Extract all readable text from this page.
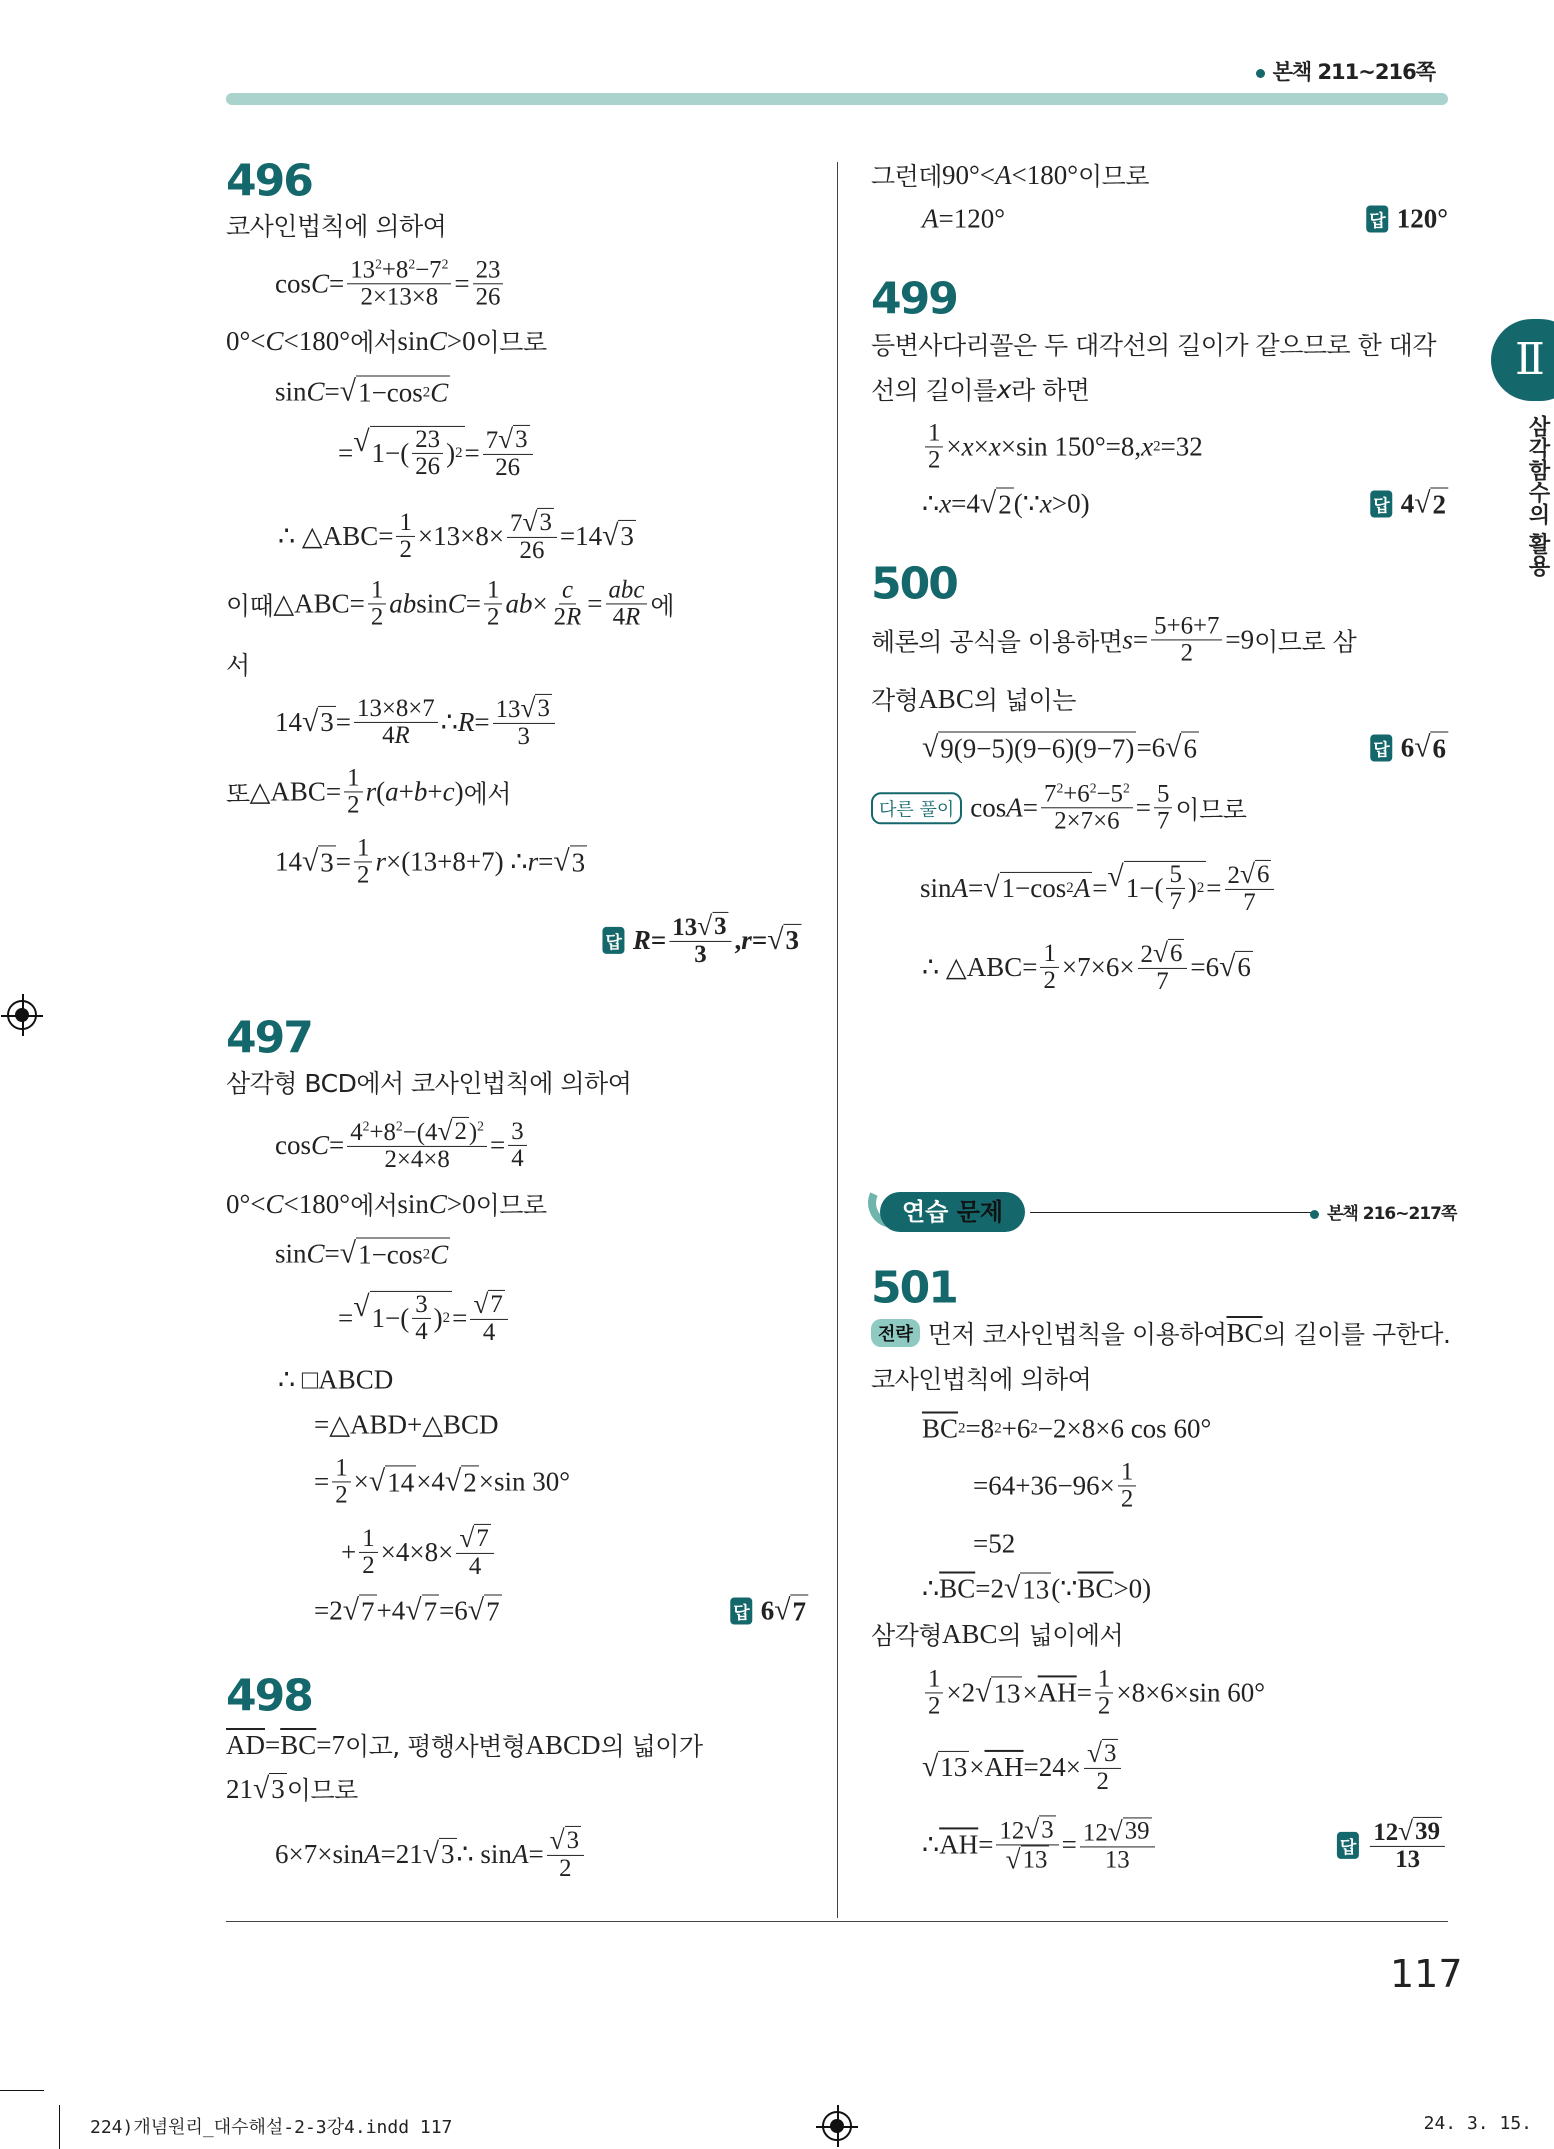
본책 211~216쪽
Ⅱ
삼각함수의 활용
496
코사인법칙에 의하여
$\cos C = \frac{13^2+8^2-7^2}{2\times 13\times 8} = \frac{23}{26}$
0°< C <180° 에서 sin C >0 이므로
sin C = √ 1−cos 2 C
= √ $1-( \frac{23}{26}$ ) $2 = \frac{7 √ 3}{26}$
∴ △ABC= $\frac{1}{2} \times 13\times 8\times \frac{7 √ 3}{26} =14$ √ 3
이때 △ABC= $\frac{1}{2}$ ab $\sin C = \frac{1}{2}$ ab × $\frac{c}{2R}$ = abc
4R 에
서
14 √ $3 = \frac{13\times 8\times 7}{4R}$ ∴ $R = \frac{13 √ 3}{3}$
또 △ABC= $\frac{1}{2}$ r ( a + b + c ) 에서
14 √ $3 = \frac{1}{2}$ r ×(13+8+7) ∴ r = √ 3
답 $R = \frac{13 √ 3}{3}$ , r = √ 3
497
삼각형 BCD에서 코사인법칙에 의하여
$\cos C = \frac{4^2+8^2-(4 √ 2 )^2}{2\times 4\times 8} = \frac{3}{4}$
0°< C <180° 에서 sin C >0 이므로
sin C = √ 1−cos 2 C
= √ $1-( \frac{3}{4}$ ) $2 = \frac{√ 7}{4}$
∴ □ABCD
=△ABD+△BCD
= $\frac{1}{2}$ × √ 14 ×4 √ 2 ×sin 30°
+ $\frac{1}{2} \times 4\times 8\times \frac{√ 7}{4}$
=2 √ 7 +4 √ 7 =6 √ 7	답 6 √ 7
498
$\overline{AD} = \overline{BC} =7$ 이고, 평행사변형 ABCD 의 넓이가
21 √ 3 이므로
6×7×sin A =21 √ 3 ∴ $\sin A = \frac{√ 3}{2}$
그런데 90°< A <180° 이므로
A =120°	답 120°
499
등변사다리꼴은 두 대각선의 길이가 같으므로 한 대각
선의 길이를 x 라 하면
$\frac{1}{2} \times x \times x \times\sin$ 150°=8, x 2 =32
∴ x =4 √ 2 (∵ x >0)	답 4 √ 2
500
헤론의 공식을 이용하면 $s = \frac{5+6+7}{2} =9$ 이므로 삼
각형 ABC 의 넓이는
√ 9(9−5)(9−6)(9−7) =6 √ 6	답 6 √ 6
다른 풀이 $\cos A = \frac{7^2+6^2-5^2}{2\times 7\times 6} = \frac{5}{7}$ 이므로
sin A = √ 1−cos 2 A = √ $1-( \frac{5}{7}$ ) $2 = \frac{2 √ 6}{7}$
∴ △ABC= $\frac{1}{2} \times 7\times 6\times \frac{2 √ 6}{7} =6$ √ 6
연습 문제	본책 216~217쪽
501
전략 먼저 코사인법칙을 이용하여 $\overline{BC}$ 의 길이를 구한다.
코사인법칙에 의하여
$\overline{BC}$ 2 =8 2 +6 2 −2×8×6 cos 60°
$=64+36-96\times \frac{1}{2}$
=52
∴ $\overline{BC} =2$ √ 13 (∵ $\overline{BC} >0$)
삼각형 ABC 의 넓이에서
$\frac{1}{2} \times 2$ √ $13 \times \overline{AH} = \frac{1}{2} \times 8\times 6\times\sin$ 60°
√ $13 \times \overline{AH} =24\times \frac{√ 3}{2}$
∴ $\overline{AH} = \frac{12 √ 3}{√ 13} = \frac{12 √ 39}{13}$	답 $\frac{12 √ 39}{13}$
117
224)개념원리_대수해설-2-3강4.indd 117	24. 3. 15.
